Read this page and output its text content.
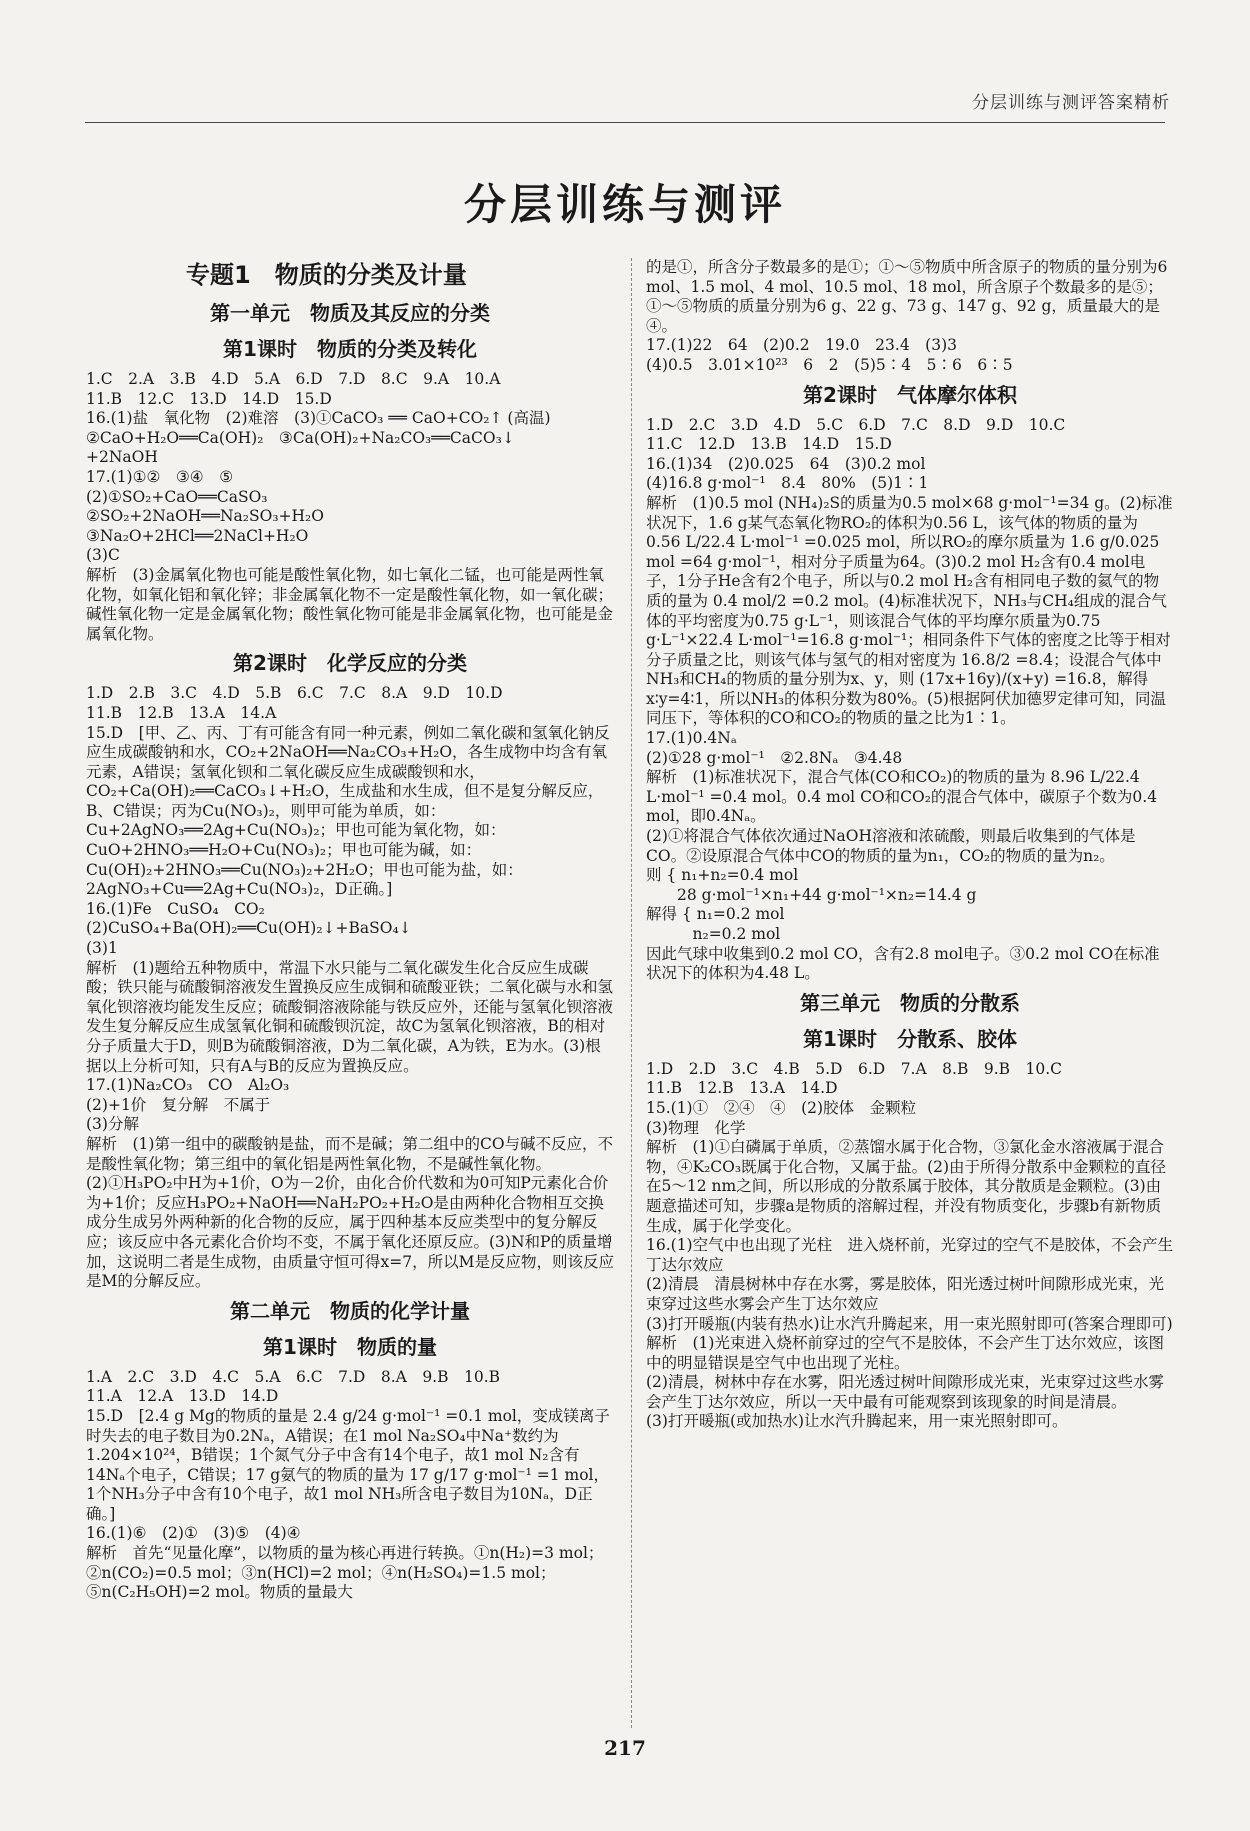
分层训练与测评答案精析
分层训练与测评
专题1　物质的分类及计量
第一单元　物质及其反应的分类
第1课时　物质的分类及转化
1.C　2.A　3.B　4.D　5.A　6.D　7.D　8.C　9.A　10.A
11.B　12.C　13.D　14.D　15.D
16.(1)盐　氧化物　(2)难溶　(3)①CaCO₃ ══ CaO+CO₂↑ (高温)
②CaO+H₂O══Ca(OH)₂　③Ca(OH)₂+Na₂CO₃══CaCO₃↓
+2NaOH
17.(1)①②　③④　⑤
(2)①SO₂+CaO══CaSO₃
②SO₂+2NaOH══Na₂SO₃+H₂O
③Na₂O+2HCl══2NaCl+H₂O
(3)C
解析　(3)金属氧化物也可能是酸性氧化物，如七氧化二锰，也可能是两性氧化物，如氧化铝和氧化锌；非金属氧化物不一定是酸性氧化物，如一氧化碳；碱性氧化物一定是金属氧化物；酸性氧化物可能是非金属氧化物，也可能是金属氧化物。
第2课时　化学反应的分类
1.D　2.B　3.C　4.D　5.B　6.C　7.C　8.A　9.D　10.D
11.B　12.B　13.A　14.A
15.D　[甲、乙、丙、丁有可能含有同一种元素，例如二氧化碳和氢氧化钠反应生成碳酸钠和水，CO₂+2NaOH══Na₂CO₃+H₂O，各生成物中均含有氧元素，A错误；氢氧化钡和二氧化碳反应生成碳酸钡和水，CO₂+Ca(OH)₂══CaCO₃↓+H₂O，生成盐和水生成，但不是复分解反应，B、C错误；丙为Cu(NO₃)₂，则甲可能为单质，如：Cu+2AgNO₃══2Ag+Cu(NO₃)₂；甲也可能为氧化物，如：CuO+2HNO₃══H₂O+Cu(NO₃)₂；甲也可能为碱，如：Cu(OH)₂+2HNO₃══Cu(NO₃)₂+2H₂O；甲也可能为盐，如：2AgNO₃+Cu══2Ag+Cu(NO₃)₂，D正确。]
16.(1)Fe　CuSO₄　CO₂
(2)CuSO₄+Ba(OH)₂══Cu(OH)₂↓+BaSO₄↓
(3)1
解析　(1)题给五种物质中，常温下水只能与二氧化碳发生化合反应生成碳酸；铁只能与硫酸铜溶液发生置换反应生成铜和硫酸亚铁；二氧化碳与水和氢氧化钡溶液均能发生反应；硫酸铜溶液除能与铁反应外，还能与氢氧化钡溶液发生复分解反应生成氢氧化铜和硫酸钡沉淀，故C为氢氧化钡溶液，B的相对分子质量大于D，则B为硫酸铜溶液，D为二氧化碳，A为铁，E为水。(3)根据以上分析可知，只有A与B的反应为置换反应。
17.(1)Na₂CO₃　CO　Al₂O₃
(2)+1价　复分解　不属于
(3)分解
解析　(1)第一组中的碳酸钠是盐，而不是碱；第二组中的CO与碱不反应，不是酸性氧化物；第三组中的氧化铝是两性氧化物，不是碱性氧化物。(2)①H₃PO₂中H为+1价，O为－2价，由化合价代数和为0可知P元素化合价为+1价；反应H₃PO₂+NaOH══NaH₂PO₂+H₂O是由两种化合物相互交换成分生成另外两种新的化合物的反应，属于四种基本反应类型中的复分解反应；该反应中各元素化合价均不变，不属于氧化还原反应。(3)N和P的质量增加，这说明二者是生成物，由质量守恒可得x=7，所以M是反应物，则该反应是M的分解反应。
第二单元　物质的化学计量
第1课时　物质的量
1.A　2.C　3.D　4.C　5.A　6.C　7.D　8.A　9.B　10.B
11.A　12.A　13.D　14.D
15.D　[2.4 g Mg的物质的量是 2.4 g/24 g·mol⁻¹ =0.1 mol，变成镁离子时失去的电子数目为0.2Nₐ，A错误；在1 mol Na₂SO₄中Na⁺数约为1.204×10²⁴，B错误；1个氮气分子中含有14个电子，故1 mol N₂含有14Nₐ个电子，C错误；17 g氨气的物质的量为 17 g/17 g·mol⁻¹ =1 mol，1个NH₃分子中含有10个电子，故1 mol NH₃所含电子数目为10Nₐ，D正确。]
16.(1)⑥　(2)①　(3)⑤　(4)④
解析　首先“见量化摩”，以物质的量为核心再进行转换。①n(H₂)=3 mol；②n(CO₂)=0.5 mol；③n(HCl)=2 mol；④n(H₂SO₄)=1.5 mol；⑤n(C₂H₅OH)=2 mol。物质的量最大
的是①，所含分子数最多的是①；①～⑤物质中所含原子的物质的量分别为6 mol、1.5 mol、4 mol、10.5 mol、18 mol，所含原子个数最多的是⑤；①～⑤物质的质量分别为6 g、22 g、73 g、147 g、92 g，质量最大的是④。
17.(1)22　64　(2)0.2　19.0　23.4　(3)3
(4)0.5　3.01×10²³　6　2　(5)5∶4　5∶6　6∶5
第2课时　气体摩尔体积
1.D　2.C　3.D　4.D　5.C　6.D　7.C　8.D　9.D　10.C
11.C　12.D　13.B　14.D　15.D
16.(1)34　(2)0.025　64　(3)0.2 mol
(4)16.8 g·mol⁻¹　8.4　80%　(5)1∶1
解析　(1)0.5 mol (NH₄)₂S的质量为0.5 mol×68 g·mol⁻¹=34 g。(2)标准状况下，1.6 g某气态氧化物RO₂的体积为0.56 L，该气体的物质的量为 0.56 L/22.4 L·mol⁻¹ =0.025 mol，所以RO₂的摩尔质量为 1.6 g/0.025 mol =64 g·mol⁻¹，相对分子质量为64。(3)0.2 mol H₂含有0.4 mol电子，1分子He含有2个电子，所以与0.2 mol H₂含有相同电子数的氦气的物质的量为 0.4 mol/2 =0.2 mol。(4)标准状况下，NH₃与CH₄组成的混合气体的平均密度为0.75 g·L⁻¹，则该混合气体的平均摩尔质量为0.75 g·L⁻¹×22.4 L·mol⁻¹=16.8 g·mol⁻¹；相同条件下气体的密度之比等于相对分子质量之比，则该气体与氢气的相对密度为 16.8/2 =8.4；设混合气体中NH₃和CH₄的物质的量分别为x、y，则 (17x+16y)/(x+y) =16.8，解得x∶y=4∶1，所以NH₃的体积分数为80%。(5)根据阿伏加德罗定律可知，同温同压下，等体积的CO和CO₂的物质的量之比为1∶1。
17.(1)0.4Nₐ
(2)①28 g·mol⁻¹　②2.8Nₐ　③4.48
解析　(1)标准状况下，混合气体(CO和CO₂)的物质的量为 8.96 L/22.4 L·mol⁻¹ =0.4 mol。0.4 mol CO和CO₂的混合气体中，碳原子个数为0.4 mol，即0.4Nₐ。
(2)①将混合气体依次通过NaOH溶液和浓硫酸，则最后收集到的气体是CO。②设原混合气体中CO的物质的量为n₁，CO₂的物质的量为n₂。
则 { n₁+n₂=0.4 mol
　　28 g·mol⁻¹×n₁+44 g·mol⁻¹×n₂=14.4 g
解得 { n₁=0.2 mol
　　　n₂=0.2 mol
因此气球中收集到0.2 mol CO，含有2.8 mol电子。③0.2 mol CO在标准状况下的体积为4.48 L。
第三单元　物质的分散系
第1课时　分散系、胶体
1.D　2.D　3.C　4.B　5.D　6.D　7.A　8.B　9.B　10.C
11.B　12.B　13.A　14.D
15.(1)①　②④　④　(2)胶体　金颗粒
(3)物理　化学
解析　(1)①白磷属于单质，②蒸馏水属于化合物，③氯化金水溶液属于混合物，④K₂CO₃既属于化合物，又属于盐。(2)由于所得分散系中金颗粒的直径在5～12 nm之间，所以形成的分散系属于胶体，其分散质是金颗粒。(3)由题意描述可知，步骤a是物质的溶解过程，并没有物质变化，步骤b有新物质生成，属于化学变化。
16.(1)空气中也出现了光柱　进入烧杯前，光穿过的空气不是胶体，不会产生丁达尔效应
(2)清晨　清晨树林中存在水雾，雾是胶体，阳光透过树叶间隙形成光束，光束穿过这些水雾会产生丁达尔效应
(3)打开暖瓶(内装有热水)让水汽升腾起来，用一束光照射即可(答案合理即可)
解析　(1)光束进入烧杯前穿过的空气不是胶体，不会产生丁达尔效应，该图中的明显错误是空气中也出现了光柱。
(2)清晨，树林中存在水雾，阳光透过树叶间隙形成光束，光束穿过这些水雾会产生丁达尔效应，所以一天中最有可能观察到该现象的时间是清晨。
(3)打开暖瓶(或加热水)让水汽升腾起来，用一束光照射即可。
217
